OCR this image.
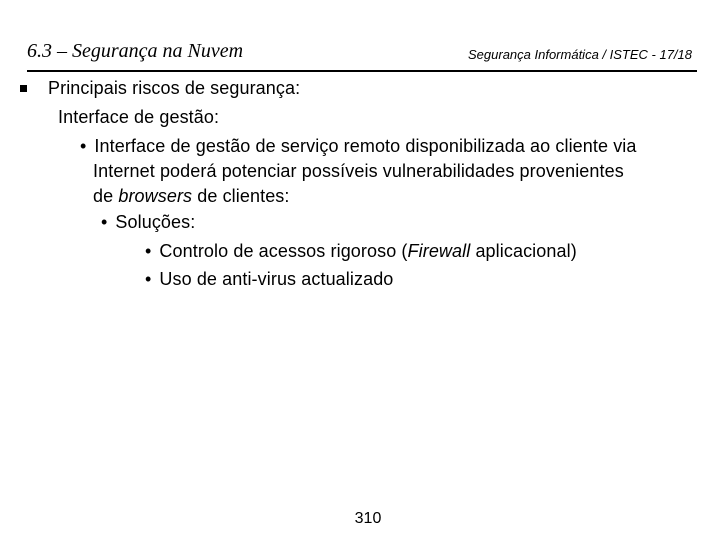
6.3 – Segurança na Nuvem	Segurança Informática / ISTEC - 17/18
Principais riscos de segurança:
Interface de gestão:
• Interface de gestão de serviço remoto disponibilizada ao cliente via
Internet poderá potenciar possíveis vulnerabilidades provenientes
de browsers de clientes:
• Soluções:
• Controlo de acessos rigoroso (Firewall aplicacional)
• Uso de anti-virus actualizado
310
